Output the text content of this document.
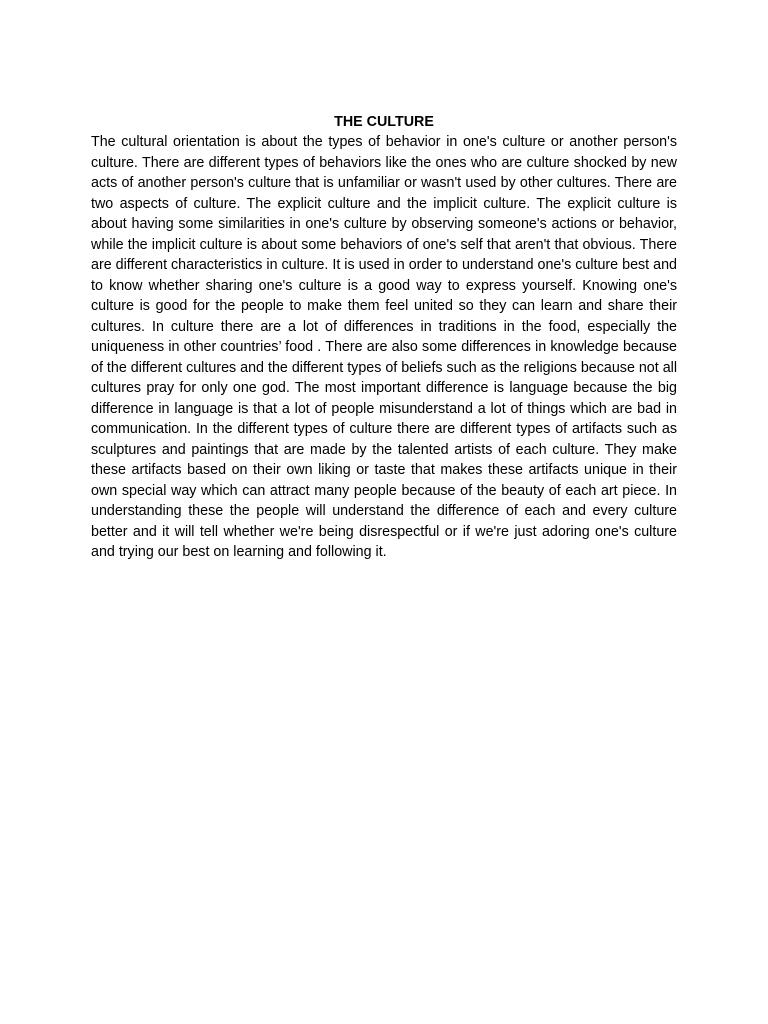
THE CULTURE

The cultural orientation is about the types of behavior in one's culture or another person's culture. There are different types of behaviors like the ones who are culture shocked by new acts of another person's culture that is unfamiliar or wasn't used by other cultures. There are two aspects of culture. The explicit culture and the implicit culture. The explicit culture is about having some similarities in one's culture by observing someone's actions or behavior, while the implicit culture is about some behaviors of one's self that aren't that obvious. There are different characteristics in culture. It is used in order to understand one's culture best and to know whether sharing one's culture is a good way to express yourself. Knowing one's culture is good for the people to make them feel united so they can learn and share their cultures. In culture there are a lot of differences in traditions in the food, especially the uniqueness in other countries’ food . There are also some differences in knowledge because of the different cultures and the different types of beliefs such as the religions because not all cultures pray for only one god. The most important difference is language because the big difference in language is that a lot of people misunderstand a lot of things which are bad in communication. In the different types of culture there are different types of artifacts such as sculptures and paintings that are made by the talented artists of each culture. They make these artifacts based on their own liking or taste that makes these artifacts unique in their own special way which can attract many people because of the beauty of each art piece. In understanding these the people will understand the difference of each and every culture better and it will tell whether we're being disrespectful or if we're just adoring one's culture and trying our best on learning and following it.
